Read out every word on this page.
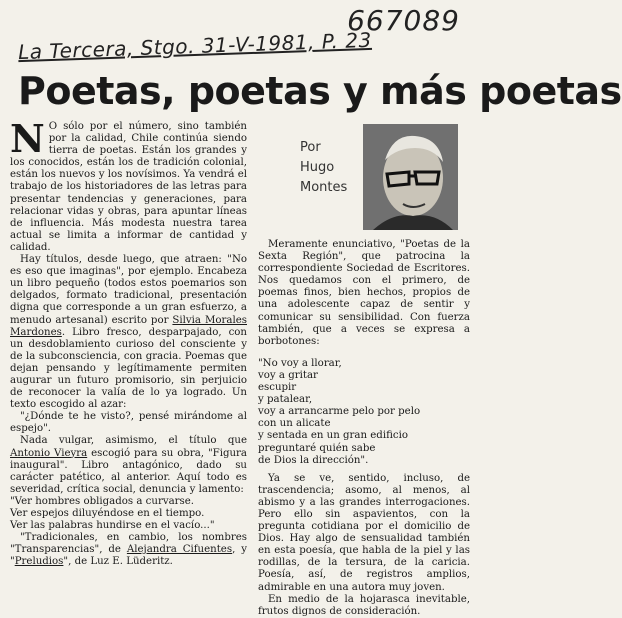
667089
La Tercera, Stgo. 31-V-1981, P. 23
Poetas, poetas y más poetas

N O sólo por el número, sino también por la calidad, Chile continúa siendo tierra de poetas. Están los grandes y los conocidos, están los de tradición colonial, están los nuevos y los novísimos. Ya vendrá el trabajo de los historiadores de las letras para presentar tendencias y generaciones, para relacionar vidas y obras, para apuntar líneas de influencia. Más modesta nuestra tarea actual se limita a informar de cantidad y calidad.

Hay títulos, desde luego, que atraen: "No es eso que imaginas", por ejemplo. Encabeza un libro pequeño (todos estos poemarios son delgados, formato tradicional, presentación digna que corresponde a un gran esfuerzo, a menudo artesanal) escrito por Silvia Morales Mardones. Libro fresco, desparpajado, con un desdoblamiento curioso del consciente y de la subconsciencia, con gracia. Poemas que dejan pensando y legítimamente permiten augurar un futuro promisorio, sin perjuicio de reconocer la valía de lo ya logrado. Un texto escogido al azar:

"¿Dónde te he visto?, pensé mirándome al espejo".

Nada vulgar, asimismo, el título que Antonio Vieyra escogió para su obra, "Figura inaugural". Libro antagónico, dado su carácter patético, al anterior. Aquí todo es severidad, crítica social, denuncia y lamento:

"Ver hombres obligados a curvarse.

Ver espejos diluyéndose en el tiempo.

Ver las palabras hundirse en el vacío..."

"Tradicionales, en cambio, los nombres "Transparencias", de Alejandra Cifuentes, y "Preludios", de Luz E. Lüderitz.

Por
Hugo
Montes

Meramente enunciativo, "Poetas de la Sexta Región", que patrocina la correspondiente Sociedad de Escritores. Nos quedamos con el primero, de poemas finos, bien hechos, propios de una adolescente capaz de sentir y comunicar su sensibilidad. Con fuerza también, que a veces se expresa a borbotones:

"No voy a llorar,
voy a gritar
escupir
y patalear,
voy a arrancarme pelo por pelo
con un alicate
y sentada en un gran edificio
preguntaré quién sabe
de Dios la dirección".

Ya se ve, sentido, incluso, de trascendencia; asomo, al menos, al abismo y a las grandes interrogaciones. Pero ello sin aspavientos, con la pregunta cotidiana por el domicilio de Dios. Hay algo de sensualidad también en esta poesía, que habla de la piel y las rodillas, de la tersura, de la caricia. Poesía, así, de registros amplios, admirable en una autora muy joven.

En medio de la hojarasca inevitable, frutos dignos de consideración.
